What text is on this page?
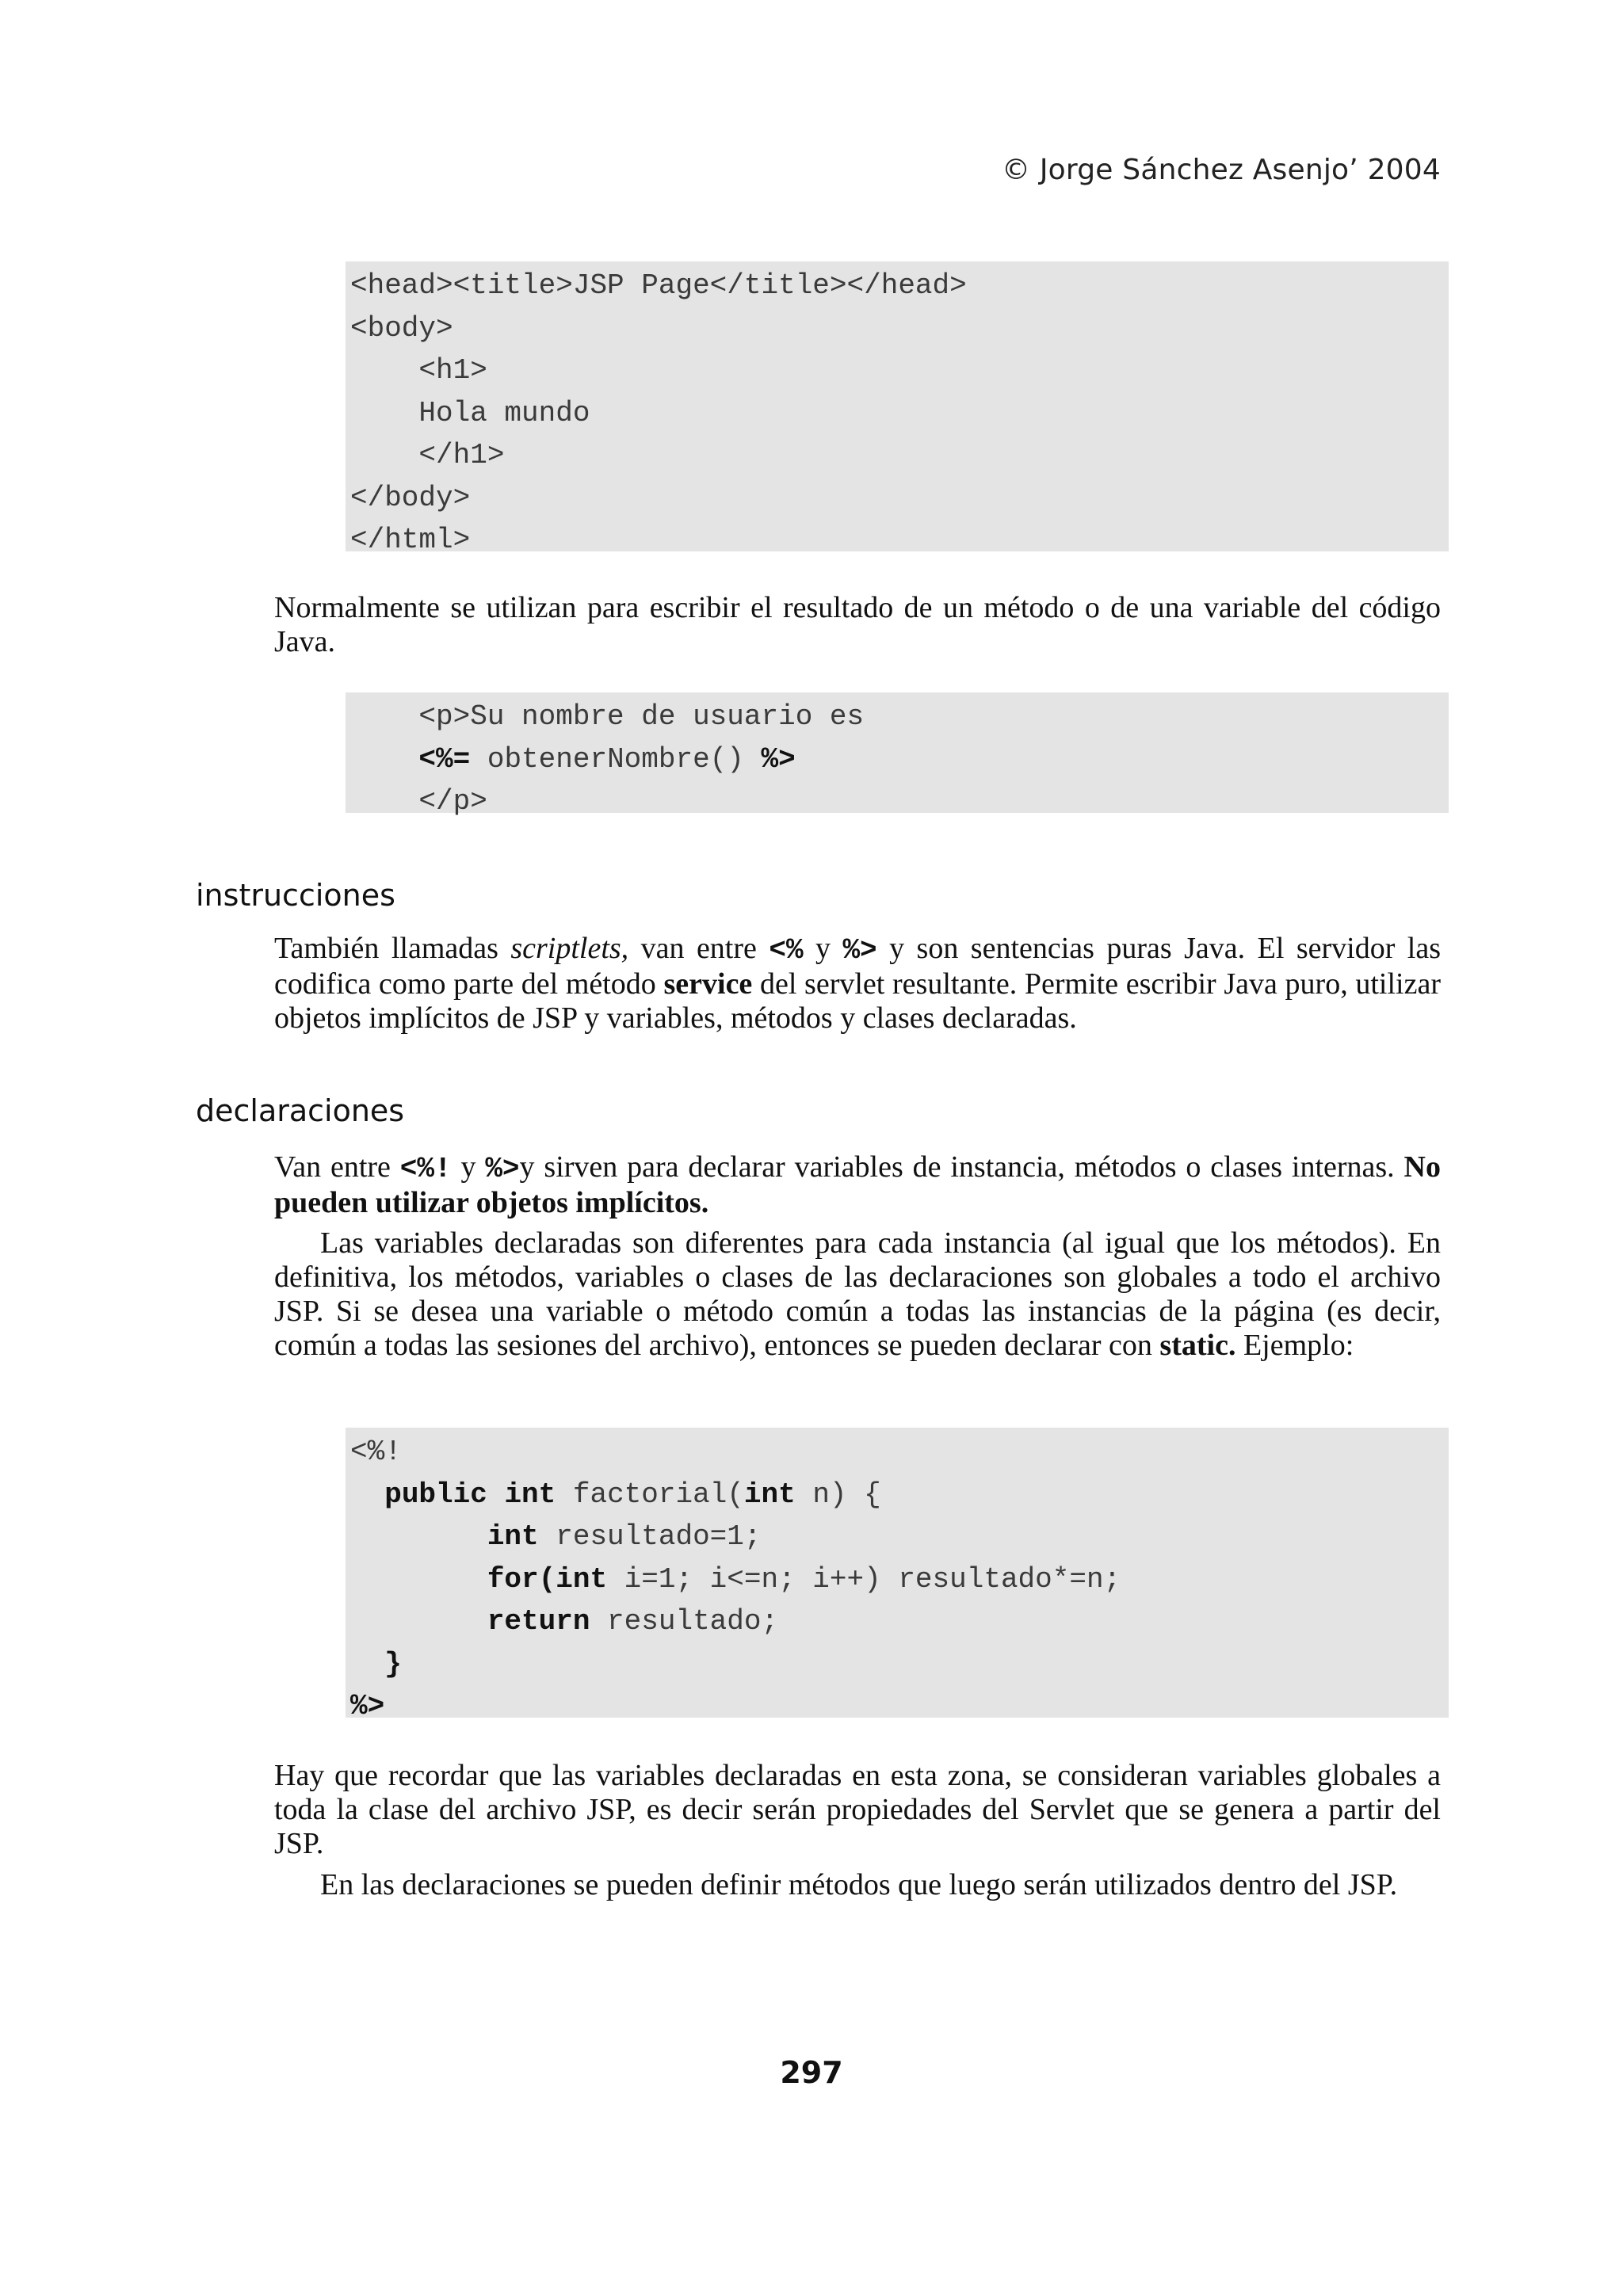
© Jorge Sánchez Asenjo’ 2004
<head><title>JSP Page</title></head>
<body>
<h1>
Hola mundo
</h1>
</body>
</html>
Normalmente se utilizan para escribir el resultado de un método o de una variable del código Java.
<p>Su nombre de usuario es
<%= obtenerNombre() %>
</p>
instrucciones
También llamadas scriptlets, van entre <% y %> y son sentencias puras Java. El servidor las codifica como parte del método service del servlet resultante. Permite escribir Java puro, utilizar objetos implícitos de JSP y variables, métodos y clases declaradas.
declaraciones
Van entre <%! y %>y sirven para declarar variables de instancia, métodos o clases internas. No pueden utilizar objetos implícitos.
Las variables declaradas son diferentes para cada instancia (al igual que los métodos). En definitiva, los métodos, variables o clases de las declaraciones son globales a todo el archivo JSP. Si se desea una variable o método común a todas las instancias de la página (es decir, común a todas las sesiones del archivo), entonces se pueden declarar con static. Ejemplo:
<%!
public int factorial(int n) {
int resultado=1;
for(int i=1; i<=n; i++) resultado*=n;
return resultado;
}
%>
Hay que recordar que las variables declaradas en esta zona, se consideran variables globales a toda la clase del archivo JSP, es decir serán propiedades del Servlet que se genera a partir del JSP.
En las declaraciones se pueden definir métodos que luego serán utilizados dentro del JSP.
297
